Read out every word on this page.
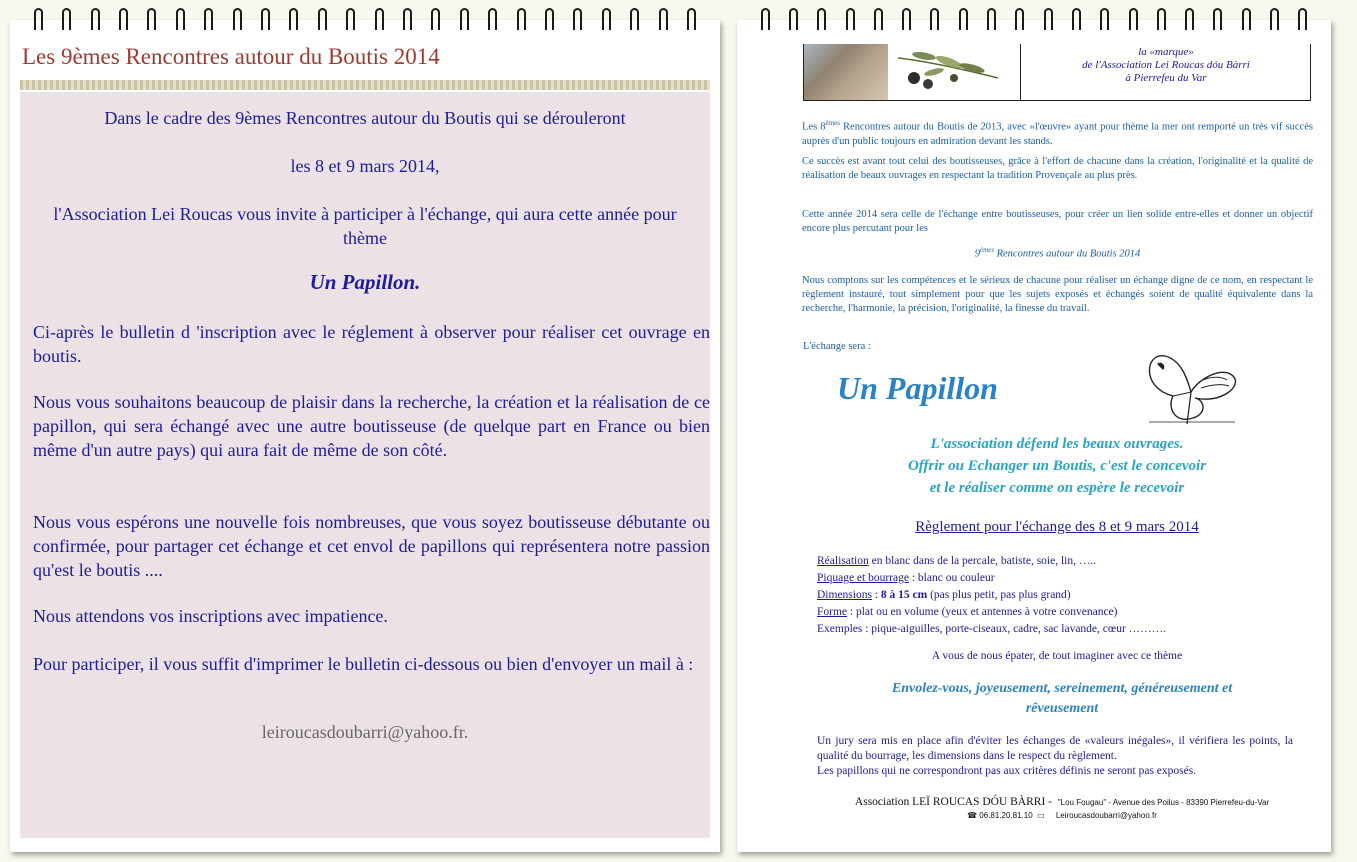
Les 9èmes Rencontres autour du Boutis 2014
Dans le cadre des 9èmes Rencontres autour du Boutis qui se dérouleront
les 8 et 9 mars 2014,
l'Association Lei Roucas vous invite à participer à l'échange, qui aura cette année pour thème
Un Papillon.
Ci-après le bulletin d 'inscription avec le réglement à observer pour réaliser cet ouvrage en boutis.
Nous vous souhaitons beaucoup de plaisir dans la recherche, la création et la réalisation de ce papillon, qui sera échangé avec une autre boutisseuse (de quelque part en France ou bien même d'un autre pays) qui aura fait de même de son côté.
Nous vous espérons une nouvelle fois nombreuses, que vous soyez boutisseuse débutante ou confirmée, pour partager cet échange et cet envol de papillons qui représentera notre passion qu'est le boutis ....
Nous attendons vos inscriptions avec impatience.
Pour participer, il vous suffit d'imprimer le bulletin ci-dessous ou bien d'envoyer un mail à :
leiroucasdoubarri@yahoo.fr.
la «marque»
de l'Association Lei Roucas dóu Bàrri
à Pierrefeu du Var
Les 8èmes Rencontres autour du Boutis de 2013, avec «l'œuvre» ayant pour thème la mer ont remporté un très vif succès auprès d'un public toujours en admiration devant les stands.
Ce succès est avant tout celui des boutisseuses, grâce à l'effort de chacune dans la création, l'originalité et la qualité de réalisation de beaux ouvrages en respectant la tradition Provençale au plus près.
Cette année 2014 sera celle de l'échange entre boutisseuses, pour créer un lien solide entre-elles et donner un objectif encore plus percutant pour les
9èmes Rencontres autour du Boutis 2014
Nous comptons sur les compétences et le sérieux de chacune pour réaliser un échange digne de ce nom, en respectant le règlement instauré, tout simplement pour que les sujets exposés et échangés soient de qualité équivalente dans la recherche, l'harmonie, la précision, l'originalité, la finesse du travail.
L'échange sera :
Un Papillon
L'association défend les beaux ouvrages.
Offrir ou Echanger un Boutis, c'est le concevoir
et le réaliser comme on espère le recevoir
Règlement pour l'échange des 8 et 9 mars 2014
Réalisation en blanc dans de la percale, batiste, soie, lin, …..
Piquage et bourrage : blanc ou couleur
Dimensions : 8 à 15 cm (pas plus petit, pas plus grand)
Forme : plat ou en volume (yeux et antennes à votre convenance)
Exemples : pique-aiguilles, porte-ciseaux, cadre, sac lavande, cœur ……….
A vous de nous épater, de tout imaginer avec ce thème
Envolez-vous, joyeusement, sereinement, généreusement et
rêveusement
Un jury sera mis en place afin d'éviter les échanges de «valeurs inégales», il vérifiera les points, la qualité du bourrage, les dimensions dans le respect du règlement.
Les papillons qui ne correspondront pas aux critères définis ne seront pas exposés.
Association LEÏ ROUCAS DÓU BÀRRI - "Lou Fougau" - Avenue des Poilus - 83390 Pierrefeu-du-Var
☎ 06.81.20.81.10  ▭     Leiroucasdoubarri@yahoo.fr
